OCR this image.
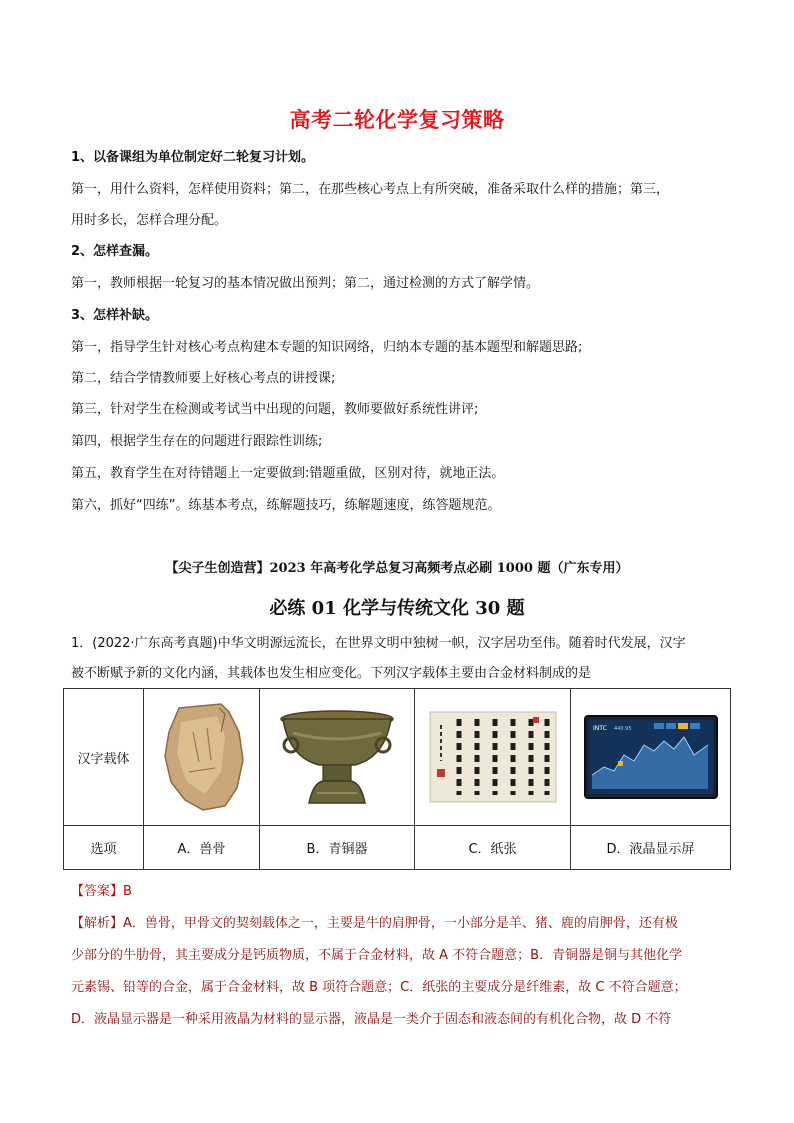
高考二轮化学复习策略
1、以备课组为单位制定好二轮复习计划。
第一，用什么资料，怎样使用资料；第二，在那些核心考点上有所突破，准备采取什么样的措施；第三，
用时多长，怎样合理分配。
2、怎样查漏。
第一，教师根据一轮复习的基本情况做出预判；第二，通过检测的方式了解学情。
3、怎样补缺。
第一，指导学生针对核心考点构建本专题的知识网络，归纳本专题的基本题型和解题思路;
第二，结合学情教师要上好核心考点的讲授课;
第三，针对学生在检测或考试当中出现的问题，教师要做好系统性讲评;
第四，根据学生存在的问题进行跟踪性训练;
第五，教育学生在对待错题上一定要做到:错题重做，区别对待，就地正法。
第六，抓好“四练”。练基本考点，练解题技巧，练解题速度，练答题规范。
【尖子生创造营】2023 年高考化学总复习高频考点必刷 1000 题（广东专用）
必练 01 化学与传统文化 30 题
1．(2022·广东高考真题)中华文明源远流长，在世界文明中独树一帜，汉字居功至伟。随着时代发展，汉字
被不断赋予新的文化内涵，其载体也发生相应变化。下列汉字载体主要由合金材料制成的是
汉字载体				INTC 440.95

选项	A．兽骨	B．青铜器	C．纸张	D．液晶显示屏
【答案】B
【解析】A．兽骨，甲骨文的契刻载体之一，主要是牛的肩胛骨，一小部分是羊、猪、鹿的肩胛骨，还有极
少部分的牛肋骨，其主要成分是钙质物质，不属于合金材料，故 A 不符合题意；B．青铜器是铜与其他化学
元素锡、铅等的合金，属于合金材料，故 B 项符合题意；C．纸张的主要成分是纤维素，故 C 不符合题意；
D．液晶显示器是一种采用液晶为材料的显示器，液晶是一类介于固态和液态间的有机化合物，故 D 不符
